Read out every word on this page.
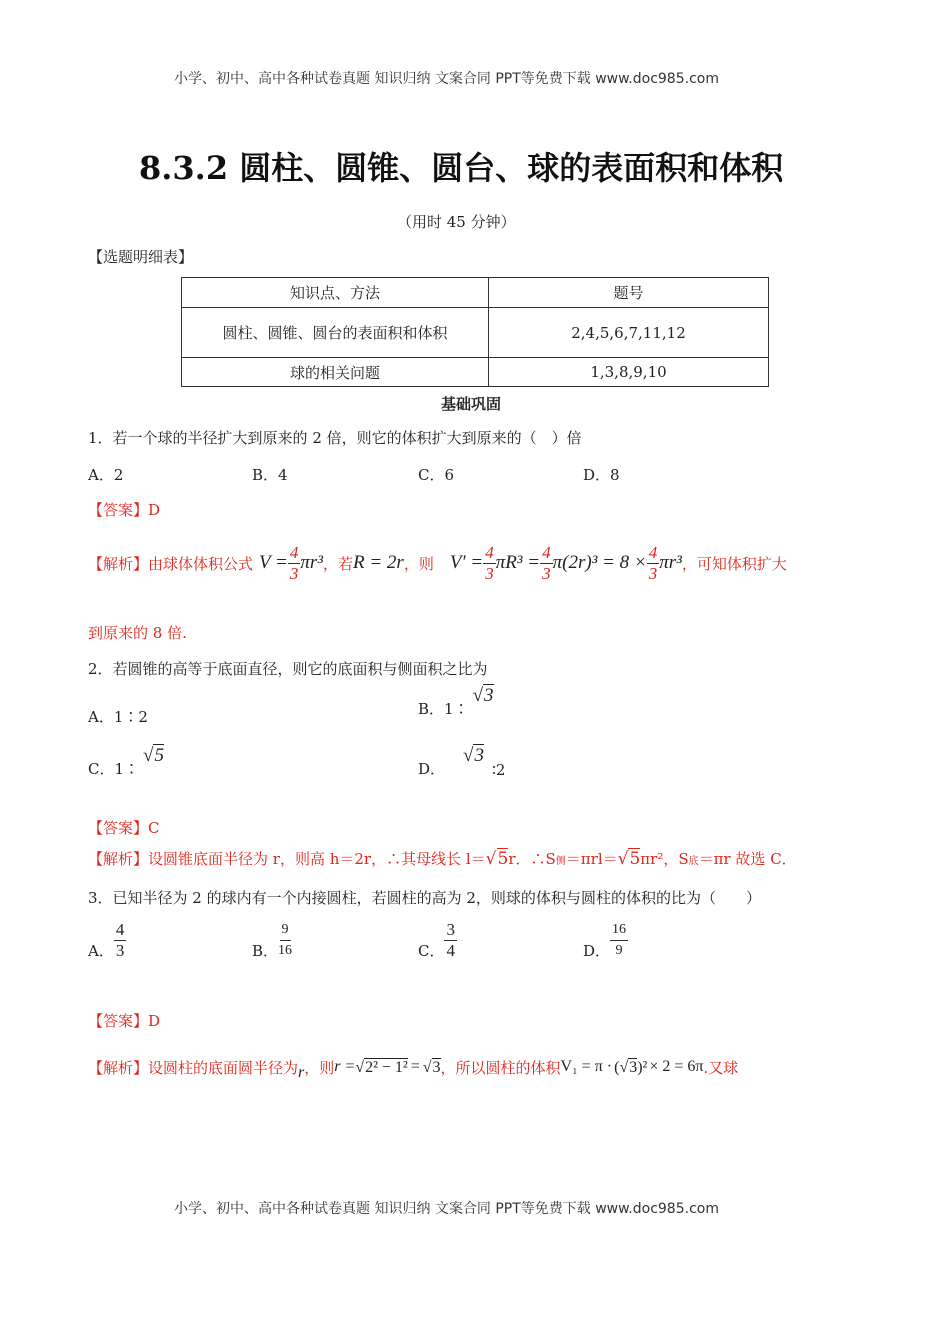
小学、初中、高中各种试卷真题 知识归纳 文案合同 PPT等免费下载 www.doc985.com
8.3.2 圆柱、圆锥、圆台、球的表面积和体积
（用时 45 分钟）
【选题明细表】
知识点、方法	题号
圆柱、圆锥、圆台的表面积和体积	2,4,5,6,7,11,12
球的相关问题	1,3,8,9,10
基础巩固
1．若一个球的半径扩大到原来的 2 倍，则它的体积扩大到原来的（　）倍
A．2	B．4	C．6	D．8
【答案】D
【解析】 由球体体积公式 $V = \frac{4}{3} \pi r^3$ ，若 R = 2r ，则 $V' = \frac{4}{3} \pi R^3 = \frac{4}{3} \pi(2r)^3 = 8 \times \frac{4}{3} \pi r^3$ ，可知体积扩大
到原来的 8 倍.
2．若圆锥的高等于底面直径，则它的底面积与侧面积之比为
A．1∶2	B．1∶
√3
C．1∶
√5
D．
√3
∶2
【答案】C
【解析】 设圆锥底面半径为 r，则高 h＝2r，∴其母线长 l＝ √5 r．∴S 侧 ＝πrl＝ √5 πr²，S 底 ＝πr 故选 C．
3．已知半径为 2 的球内有一个内接圆柱，若圆柱的高为 2，则球的体积与圆柱的体积的比为（　　）
A． $\frac{4}{3}$	B． $\frac{9}{16}$	C． $\frac{3}{4}$	D． $\frac{16}{9}$
【答案】D
【解析】 设圆柱的底面圆半径为 r ，则 r = √2² − 1² = √3 ，所以圆柱的体积 V₁ = π · (√3)² × 2 = 6π .又球
小学、初中、高中各种试卷真题 知识归纳 文案合同 PPT等免费下载 www.doc985.com
